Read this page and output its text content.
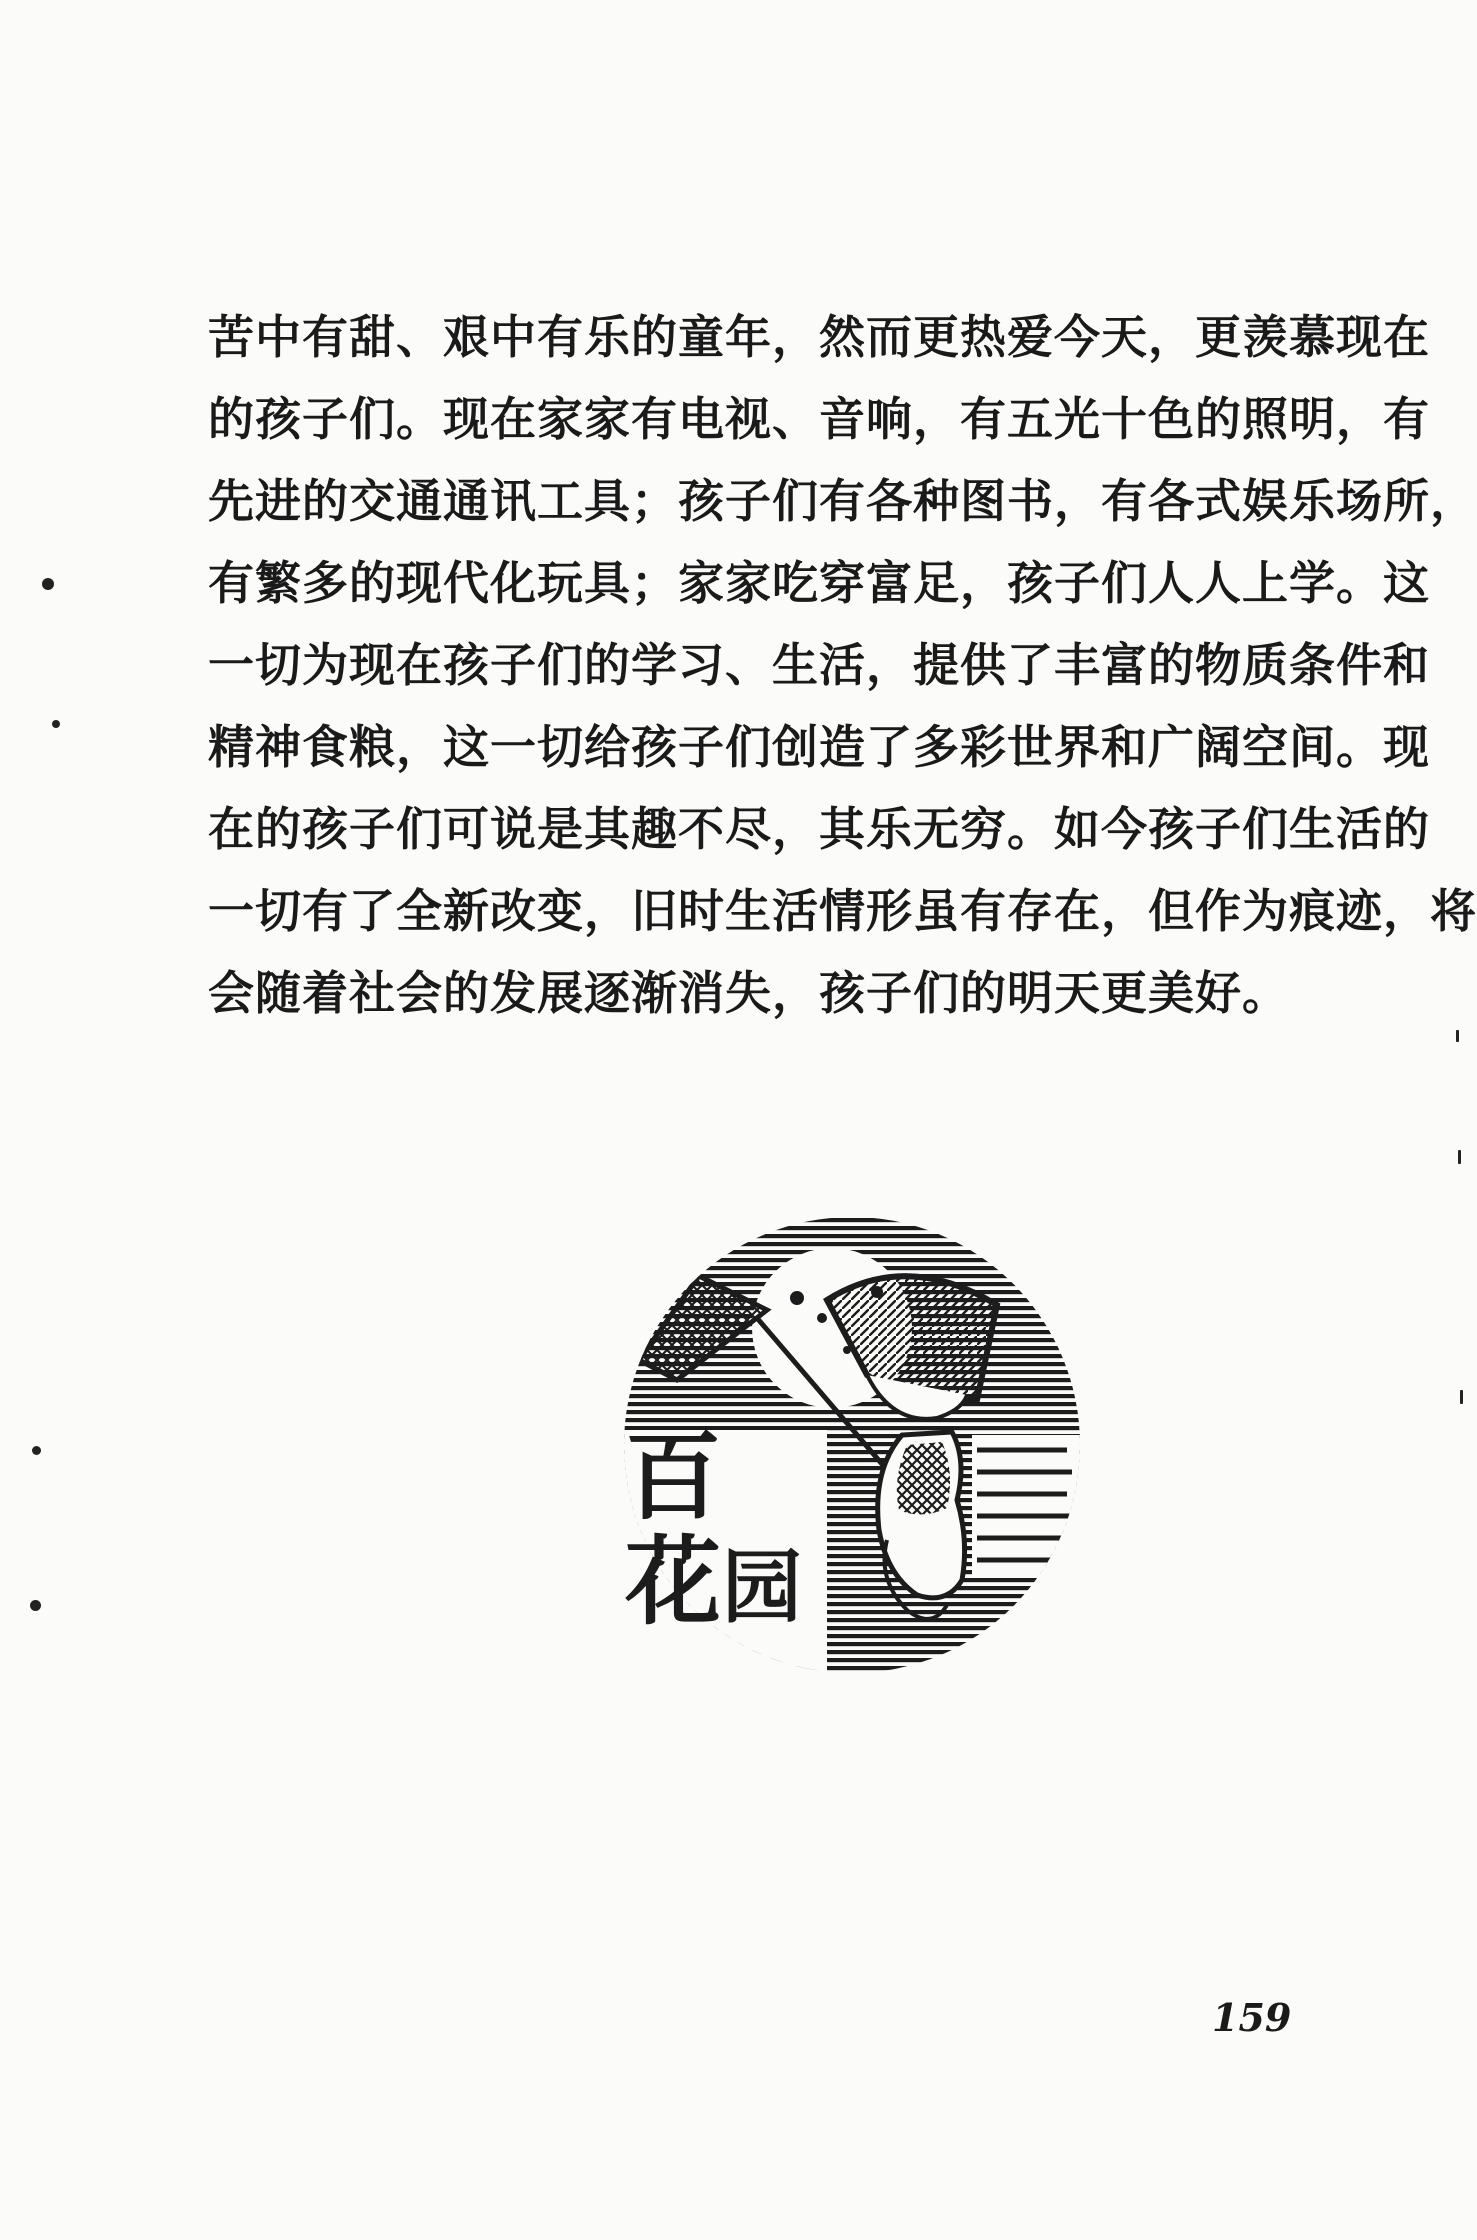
苦中有甜、艰中有乐的童年，然而更热爱今天，更羡慕现在
的孩子们。现在家家有电视、音响，有五光十色的照明，有
先进的交通通讯工具；孩子们有各种图书，有各式娱乐场所，
有繁多的现代化玩具；家家吃穿富足，孩子们人人上学。这
一切为现在孩子们的学习、生活，提供了丰富的物质条件和
精神食粮，这一切给孩子们创造了多彩世界和广阔空间。现
在的孩子们可说是其趣不尽，其乐无穷。如今孩子们生活的
一切有了全新改变，旧时生活情形虽有存在，但作为痕迹，将
会随着社会的发展逐渐消失，孩子们的明天更美好。
百
花 园
159
